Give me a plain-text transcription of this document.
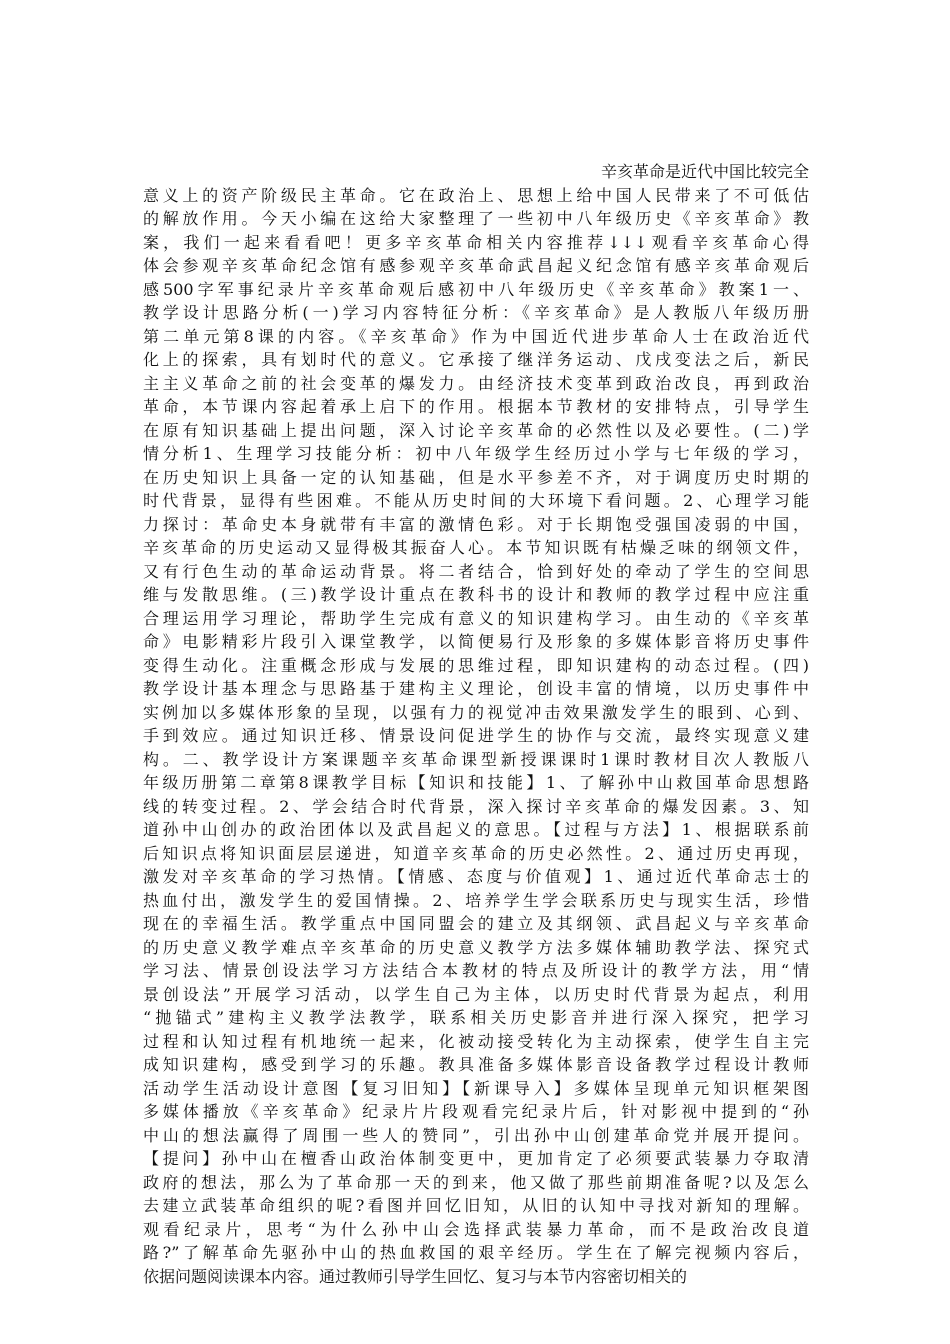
辛亥革命是近代中国比较完全
意义上的资产阶级民主革命。它在政治上、思想上给中国人民带来了不可低估
的解放作用。今天小编在这给大家整理了一些初中八年级历史《辛亥革命》教
案，我们一起来看看吧！更多辛亥革命相关内容推荐↓↓↓观看辛亥革命心得
体会参观辛亥革命纪念馆有感参观辛亥革命武昌起义纪念馆有感辛亥革命观后
感500字军事纪录片辛亥革命观后感初中八年级历史《辛亥革命》教案1一、
教学设计思路分析(一)学习内容特征分析：《辛亥革命》是人教版八年级历册
第二单元第8课的内容。《辛亥革命》作为中国近代进步革命人士在政治近代
化上的探索，具有划时代的意义。它承接了继洋务运动、戊戌变法之后，新民
主主义革命之前的社会变革的爆发力。由经济技术变革到政治改良，再到政治
革命，本节课内容起着承上启下的作用。根据本节教材的安排特点，引导学生
在原有知识基础上提出问题，深入讨论辛亥革命的必然性以及必要性。(二)学
情分析1、生理学习技能分析：初中八年级学生经历过小学与七年级的学习，
在历史知识上具备一定的认知基础，但是水平参差不齐，对于调度历史时期的
时代背景，显得有些困难。不能从历史时间的大环境下看问题。2、心理学习能
力探讨：革命史本身就带有丰富的激情色彩。对于长期饱受强国凌弱的中国，
辛亥革命的历史运动又显得极其振奋人心。本节知识既有枯燥乏味的纲领文件，
又有行色生动的革命运动背景。将二者结合，恰到好处的牵动了学生的空间思
维与发散思维。(三)教学设计重点在教科书的设计和教师的教学过程中应注重
合理运用学习理论，帮助学生完成有意义的知识建构学习。由生动的《辛亥革
命》电影精彩片段引入课堂教学，以简便易行及形象的多媒体影音将历史事件
变得生动化。注重概念形成与发展的思维过程，即知识建构的动态过程。(四)
教学设计基本理念与思路基于建构主义理论，创设丰富的情境，以历史事件中
实例加以多媒体形象的呈现，以强有力的视觉冲击效果激发学生的眼到、心到、
手到效应。通过知识迁移、情景设问促进学生的协作与交流，最终实现意义建
构。二、教学设计方案课题辛亥革命课型新授课课时1课时教材目次人教版八
年级历册第二章第8课教学目标【知识和技能】1、了解孙中山救国革命思想路
线的转变过程。2、学会结合时代背景，深入探讨辛亥革命的爆发因素。3、知
道孙中山创办的政治团体以及武昌起义的意思。【过程与方法】1、根据联系前
后知识点将知识面层层递进，知道辛亥革命的历史必然性。2、通过历史再现，
激发对辛亥革命的学习热情。【情感、态度与价值观】1、通过近代革命志士的
热血付出，激发学生的爱国情操。2、培养学生学会联系历史与现实生活，珍惜
现在的幸福生活。教学重点中国同盟会的建立及其纲领、武昌起义与辛亥革命
的历史意义教学难点辛亥革命的历史意义教学方法多媒体辅助教学法、探究式
学习法、情景创设法学习方法结合本教材的特点及所设计的教学方法，用“情
景创设法”开展学习活动，以学生自己为主体，以历史时代背景为起点，利用
“抛锚式”建构主义教学法教学，联系相关历史影音并进行深入探究，把学习
过程和认知过程有机地统一起来，化被动接受转化为主动探索，使学生自主完
成知识建构，感受到学习的乐趣。教具准备多媒体影音设备教学过程设计教师
活动学生活动设计意图【复习旧知】【新课导入】多媒体呈现单元知识框架图
多媒体播放《辛亥革命》纪录片片段观看完纪录片后，针对影视中提到的“孙
中山的想法赢得了周围一些人的赞同”，引出孙中山创建革命党并展开提问。
【提问】孙中山在檀香山政治体制变更中，更加肯定了必须要武装暴力夺取清
政府的想法，那么为了革命那一天的到来，他又做了那些前期准备呢?以及怎么
去建立武装革命组织的呢?看图并回忆旧知，从旧的认知中寻找对新知的理解。
观看纪录片，思考“为什么孙中山会选择武装暴力革命，而不是政治改良道
路?”了解革命先驱孙中山的热血救国的艰辛经历。学生在了解完视频内容后，
依据问题阅读课本内容。通过教师引导学生回忆、复习与本节内容密切相关的
